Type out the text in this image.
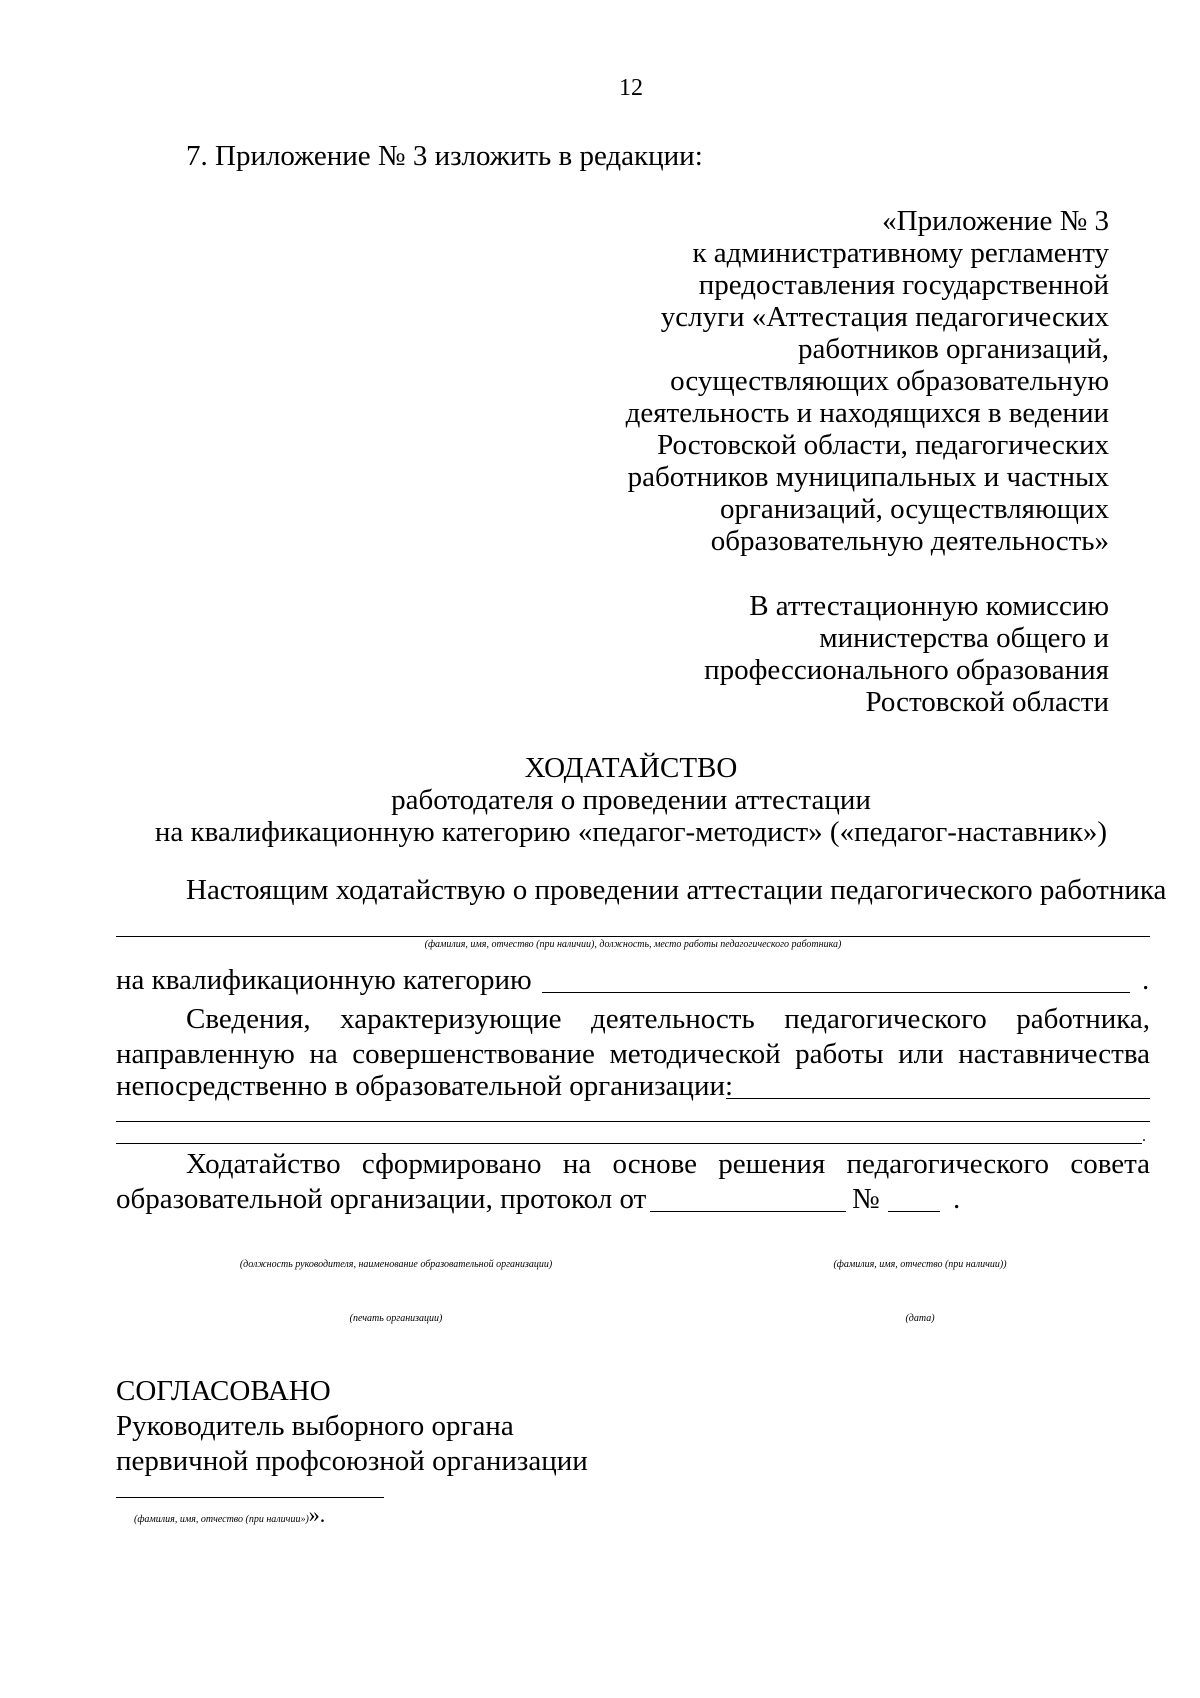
12
7. Приложение № 3 изложить в редакции:
«Приложение № 3
к административному регламенту
предоставления государственной
услуги «Аттестация педагогических
работников организаций,
осуществляющих образовательную
деятельность и находящихся в ведении
Ростовской области, педагогических
работников муниципальных и частных
организаций, осуществляющих
образовательную деятельность»
В аттестационную комиссию
министерства общего и
профессионального образования
Ростовской области
ХОДАТАЙСТВО
работодателя о проведении аттестации
на квалификационную категорию «педагог-методист» («педагог-наставник»)
Настоящим ходатайствую о проведении аттестации педагогического работника
(фамилия, имя, отчество (при наличии), должность, место работы педагогического работника)
на квалификационную категорию	.
Сведения, характеризующие деятельность педагогического работника,
направленную на совершенствование методической работы или наставничества
непосредственно в образовательной организации:
.
Ходатайство сформировано на основе решения педагогического совета
образовательной организации, протокол от	№	.
(должность руководителя, наименование образовательной организации)	(фамилия, имя, отчество (при наличии))
(печать организации)	(дата)
СОГЛАСОВАНО
Руководитель выборного органа
первичной профсоюзной организации
(фамилия, имя, отчество (при наличии»)».
